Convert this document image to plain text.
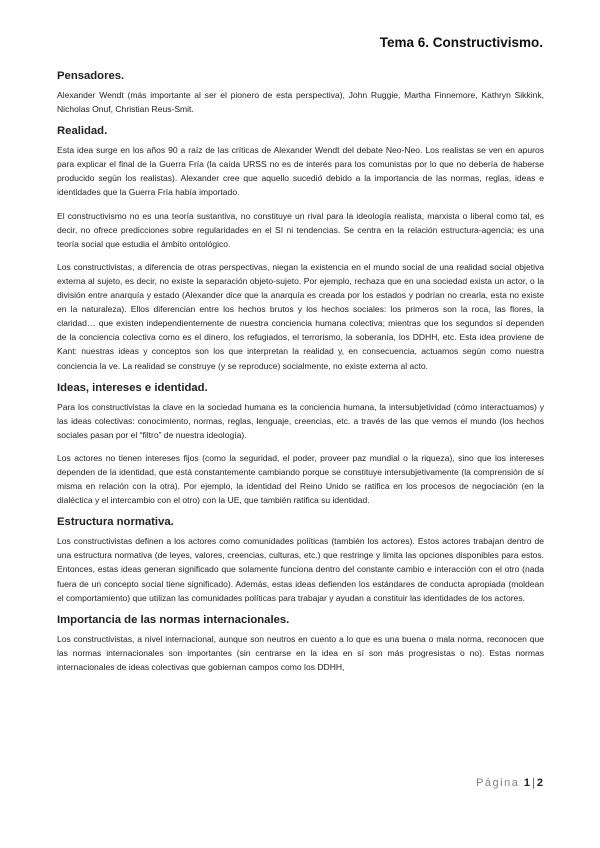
Tema 6. Constructivismo.
Pensadores.

Alexander Wendt (más importante al ser el pionero de esta perspectiva), John Ruggie, Martha Finnemore, Kathryn Sikkink, Nicholas Onuf, Christian Reus-Smit.

Realidad.

Esta idea surge en los años 90 a raíz de las críticas de Alexander Wendt del debate Neo-Neo. Los realistas se ven en apuros para explicar el final de la Guerra Fría (la caída URSS no es de interés para los comunistas por lo que no debería de haberse producido según los realistas). Alexander cree que aquello sucedió debido a la importancia de las normas, reglas, ideas e identidades que la Guerra Fría había importado.

El constructivismo no es una teoría sustantiva, no constituye un rival para la ideología realista, marxista o liberal como tal, es decir, no ofrece predicciones sobre regularidades en el SI ni tendencias. Se centra en la relación estructura-agencia; es una teoría social que estudia el ámbito ontológico.

Los constructivistas, a diferencia de otras perspectivas, niegan la existencia en el mundo social de una realidad social objetiva externa al sujeto, es decir, no existe la separación objeto-sujeto. Por ejemplo, rechaza que en una sociedad exista un actor, o la división entre anarquía y estado (Alexander dice que la anarquía es creada por los estados y podrían no crearla, esta no existe en la naturaleza). Ellos diferencian entre los hechos brutos y los hechos sociales: los primeros son la roca, las flores, la claridad… que existen independientemente de nuestra conciencia humana colectiva; mientras que los segundos sí dependen de la conciencia colectiva como es el dinero, los refugiados, el terrorismo, la soberanía, los DDHH, etc. Esta idea proviene de Kant: nuestras ideas y conceptos son los que interpretan la realidad y, en consecuencia, actuamos según como nuestra conciencia la ve. La realidad se construye (y se reproduce) socialmente, no existe externa al acto.

Ideas, intereses e identidad.

Para los constructivistas la clave en la sociedad humana es la conciencia humana, la intersubjetividad (cómo interactuamos) y las ideas colectivas: conocimiento, normas, reglas, lenguaje, creencias, etc. a través de las que vemos el mundo (los hechos sociales pasan por el “filtro” de nuestra ideología).

Los actores no tienen intereses fijos (como la seguridad, el poder, proveer paz mundial o la riqueza), sino que los intereses dependen de la identidad, que está constantemente cambiando porque se constituye intersubjetivamente (la comprensión de sí misma en relación con la otra). Por ejemplo, la identidad del Reino Unido se ratifica en los procesos de negociación (en la dialéctica y el intercambio con el otro) con la UE, que también ratifica su identidad.

Estructura normativa.

Los constructivistas definen a los actores como comunidades políticas (también los actores). Estos actores trabajan dentro de una estructura normativa (de leyes, valores, creencias, culturas, etc.) que restringe y limita las opciones disponibles para estos. Entonces, estas ideas generan significado que solamente funciona dentro del constante cambio e interacción con el otro (nada fuera de un concepto social tiene significado). Además, estas ideas defienden los estándares de conducta apropiada (moldean el comportamiento) que utilizan las comunidades políticas para trabajar y ayudan a constituir las identidades de los actores.

Importancia de las normas internacionales.

Los constructivistas, a nivel internacional, aunque son neutros en cuento a lo que es una buena o mala norma, reconocen que las normas internacionales son importantes (sin centrarse en la idea en sí son más progresistas o no). Estas normas internacionales de ideas colectivas que gobiernan campos como los DDHH,

Página 1 | 2
